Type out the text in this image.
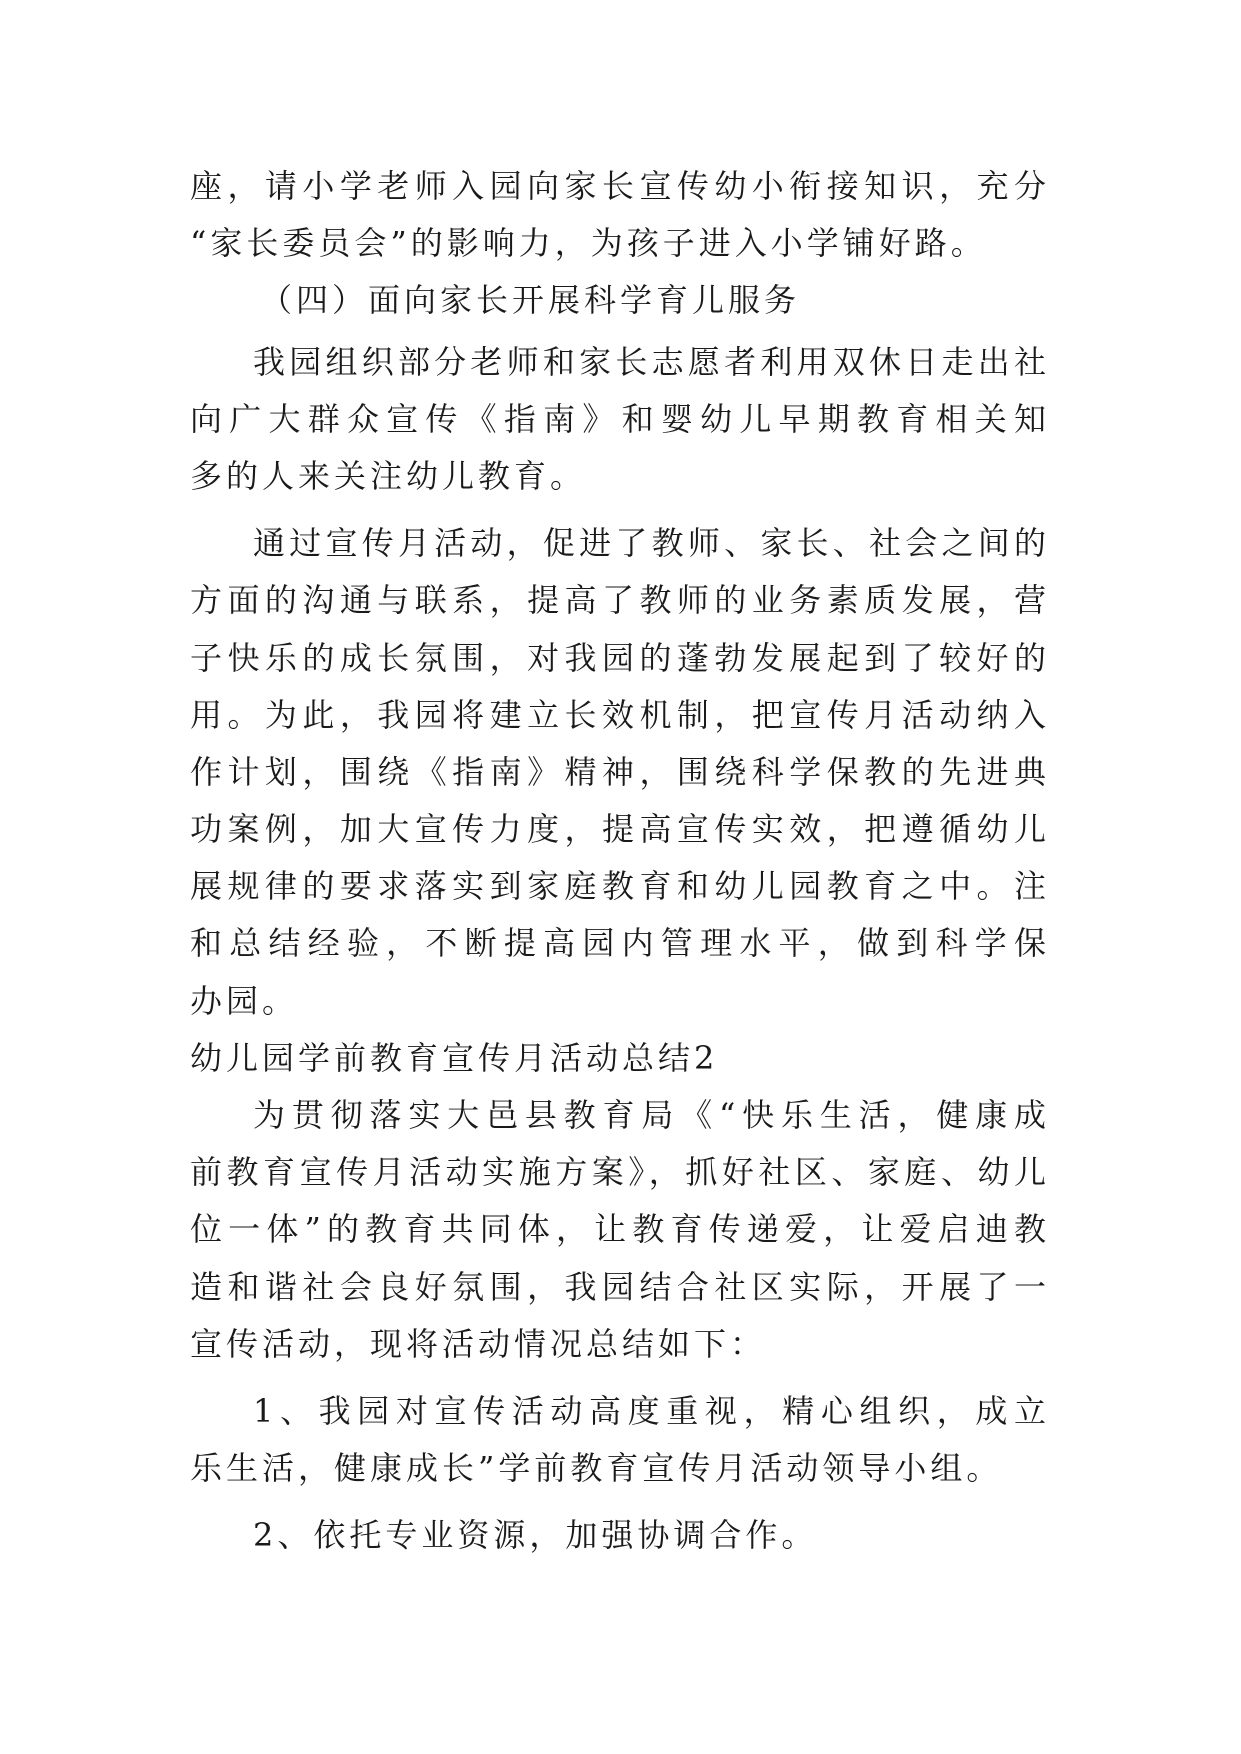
座，请小学老师入园向家长宣传幼小衔接知识，充分
“家长委员会”的影响力，为孩子进入小学铺好路。
（四）面向家长开展科学育儿服务
我园组织部分老师和家长志愿者利用双休日走出社
向广大群众宣传《指南》和婴幼儿早期教育相关知
多的人来关注幼儿教育。
通过宣传月活动，促进了教师、家长、社会之间的
方面的沟通与联系，提高了教师的业务素质发展，营
子快乐的成长氛围，对我园的蓬勃发展起到了较好的
用。为此，我园将建立长效机制，把宣传月活动纳入
作计划，围绕《指南》精神，围绕科学保教的先进典
功案例，加大宣传力度，提高宣传实效，把遵循幼儿
展规律的要求落实到家庭教育和幼儿园教育之中。注
和总结经验，不断提高园内管理水平，做到科学保
办园。
幼儿园学前教育宣传月活动总结2
为贯彻落实大邑县教育局《“快乐生活，健康成
前教育宣传月活动实施方案》，抓好社区、家庭、幼儿
位一体”的教育共同体，让教育传递爱，让爱启迪教
造和谐社会良好氛围，我园结合社区实际，开展了一
宣传活动，现将活动情况总结如下：
1、我园对宣传活动高度重视，精心组织，成立
乐生活，健康成长”学前教育宣传月活动领导小组。
2、依托专业资源，加强协调合作。
